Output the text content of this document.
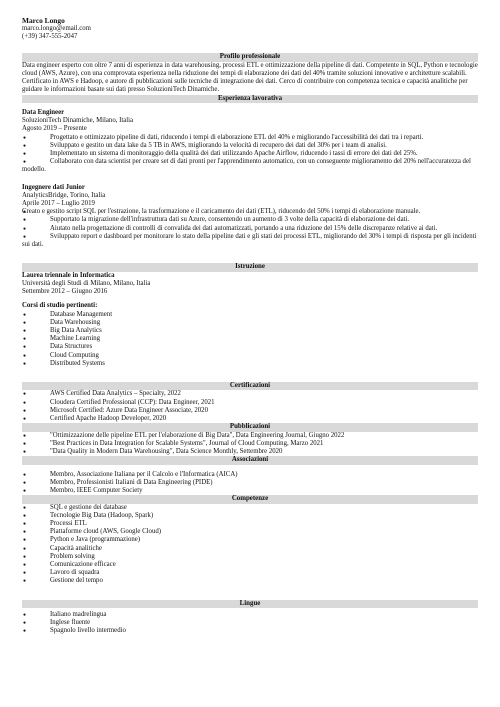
Marco Longo

marco.longo@email.com

(+39) 347-555-2047

Profilo professionale

Data engineer esperto con oltre 7 anni di esperienza in data warehousing, processi ETL e ottimizzazione della pipeline di dati. Competente in SQL, Python e tecnologie cloud (AWS, Azure), con una comprovata esperienza nella riduzione dei tempi di elaborazione dei dati del 40% tramite soluzioni innovative e architetture scalabili. Certificato in AWS e Hadoop, e autore di pubblicazioni sulle tecniche di integrazione dei dati. Cerco di contribuire con competenza tecnica e capacità analitiche per guidare le informazioni basate sui dati presso SoluzioniTech Dinamiche.

Esperienza lavorativa

Data Engineer

SoluzioniTech Dinamiche, Milano, Italia

Agosto 2019 – Presente

● Progettato e ottimizzato pipeline di dati, riducendo i tempi di elaborazione ETL del 40% e migliorando l'accessibilità dei dati tra i reparti.
● Sviluppato e gestito un data lake da 5 TB in AWS, migliorando la velocità di recupero dei dati del 30% per i team di analisi.
● Implementato un sistema di monitoraggio della qualità dei dati utilizzando Apache Airflow, riducendo i tassi di errore dei dati del 25%.
● Collaborato con data scientist per creare set di dati pronti per l'apprendimento automatico, con un conseguente miglioramento del 20% nell'accuratezza del modello.

Ingegnere dati Junior

AnalyticsBridge, Torino, Italia

Aprile 2017 – Luglio 2019

● Creato e gestito script SQL per l'estrazione, la trasformazione e il caricamento dei dati (ETL), riducendo del 50% i tempi di elaborazione manuale.
● Supportato la migrazione dell'infrastruttura dati su Azure, consentendo un aumento di 3 volte della capacità di elaborazione dei dati.
● Aiutato nella progettazione di controlli di convalida dei dati automatizzati, portando a una riduzione del 15% delle discrepanze relative ai dati.
● Sviluppato report e dashboard per monitorare lo stato della pipeline dati e gli stati dei processi ETL, migliorando del 30% i tempi di risposta per gli incidenti sui dati.
Istruzione

Laurea triennale in Informatica

Università degli Studi di Milano, Milano, Italia

Settembre 2012 – Giugno 2016

Corsi di studio pertinenti:

● Database Management
● Data Warehousing
● Big Data Analytics
● Machine Learning
● Data Structures
● Cloud Computing
● Distributed Systems
Certificazioni
● AWS Certified Data Analytics – Specialty, 2022
● Cloudera Certified Professional (CCP): Data Engineer, 2021
● Microsoft Certified: Azure Data Engineer Associate, 2020
● Certified Apache Hadoop Developer, 2020
Pubblicazioni
● "Ottimizzazione delle pipeline ETL per l'elaborazione di Big Data", Data Engineering Journal, Giugno 2022
● "Best Practices in Data Integration for Scalable Systems", Journal of Cloud Computing, Marzo 2021
● "Data Quality in Modern Data Warehousing", Data Science Monthly, Settembre 2020
Associazioni
● Membro, Associazione Italiana per il Calcolo e l'Informatica (AICA)
● Membro, Professionisti Italiani di Data Engineering (PIDE)
● Membro, IEEE Computer Society
Competenze
● SQL e gestione dei database
● Tecnologie Big Data (Hadoop, Spark)
● Processi ETL
● Piattaforme cloud (AWS, Google Cloud)
● Python e Java (programmazione)
● Capacità analitiche
● Problem solving
● Comunicazione efficace
● Lavoro di squadra
● Gestione del tempo
Lingue
● Italiano madrelingua
● Inglese fluente
● Spagnolo livello intermedio
